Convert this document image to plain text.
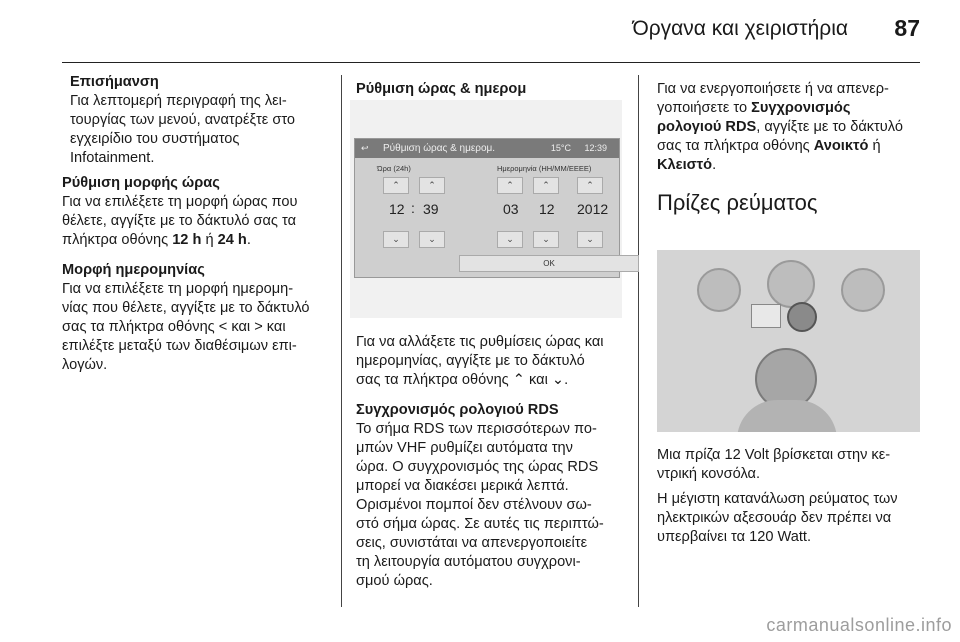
Όργανα και χειριστήρια 87
Επισήμανση
Για λεπτομερή περιγραφή της λει-
τουργίας των μενού, ανατρέξτε στο
εγχειρίδιο του συστήματος
Infotainment.
Ρύθμιση μορφής ώρας
Για να επιλέξετε τη μορφή ώρας που
θέλετε, αγγίξτε με το δάκτυλό σας τα
πλήκτρα οθόνης 12 h ή 24 h.
Μορφή ημερομηνίας
Για να επιλέξετε τη μορφή ημερομη-
νίας που θέλετε, αγγίξτε με το δάκτυλό
σας τα πλήκτρα οθόνης < και > και
επιλέξτε μεταξύ των διαθέσιμων επι-
λογών.
Ρύθμιση ώρας & ημερομ
↩ Ρύθμιση ώρας & ημερομ.	15°C 12:39
Ώρα (24h)	Ημερομηνία (ΗΗ/ΜΜ/ΕΕΕΕ)
⌃	⌃	⌃	⌃	⌃
12 : 39	03 12 2012
⌄	⌄	⌄	⌄	⌄
OK
Για να αλλάξετε τις ρυθμίσεις ώρας και
ημερομηνίας, αγγίξτε με το δάκτυλό
σας τα πλήκτρα οθόνης ⌃ και ⌄.
Συγχρονισμός ρολογιού RDS
Το σήμα RDS των περισσότερων πο-
μπών VHF ρυθμίζει αυτόματα την
ώρα. Ο συγχρονισμός της ώρας RDS
μπορεί να διακέσει μερικά λεπτά.
Ορισμένοι πομποί δεν στέλνουν σω-
στό σήμα ώρας. Σε αυτές τις περιπτώ-
σεις, συνιστάται να απενεργοποιείτε
τη λειτουργία αυτόματου συγχρονι-
σμού ώρας.
Για να ενεργοποιήσετε ή να απενερ-
γοποιήσετε το Συγχρονισμός
ρολογιού RDS, αγγίξτε με το δάκτυλό
σας τα πλήκτρα οθόνης Ανοικτό ή
Κλειστό.
Πρίζες ρεύματος
Μια πρίζα 12 Volt βρίσκεται στην κε-
ντρική κονσόλα.
Η μέγιστη κατανάλωση ρεύματος των
ηλεκτρικών αξεσουάρ δεν πρέπει να
υπερβαίνει τα 120 Watt.
carmanualsonline.info
